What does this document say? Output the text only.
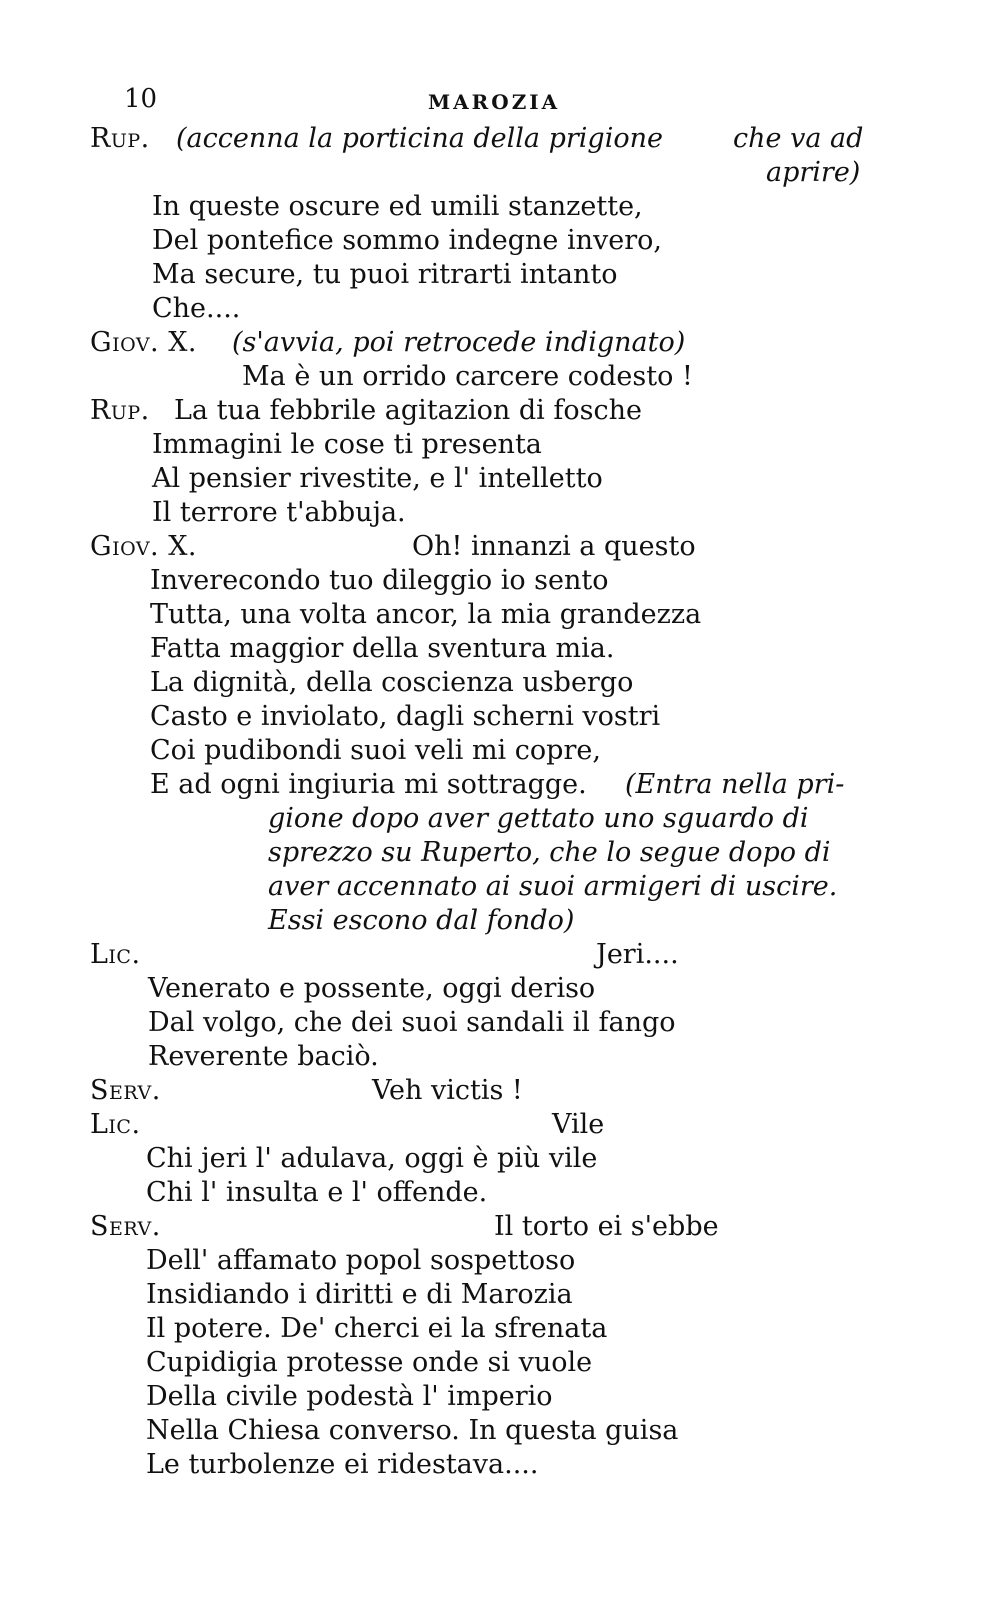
10	MAROZIA
Rup. (accenna la porticina della prigione	che va ad
aprire)
In queste oscure ed umili stanzette,
Del pontefice sommo indegne invero,
Ma secure, tu puoi ritrarti intanto
Che....
Giov. X. (s'avvia, poi retrocede indignato)
Ma è un orrido carcere codesto !
Rup. La tua febbrile agitazion di fosche
Immagini le cose ti presenta
Al pensier rivestite, e l' intelletto
Il terrore t'abbuja.
Giov. X.	Oh! innanzi a questo
Inverecondo tuo dileggio io sento
Tutta, una volta ancor, la mia grandezza
Fatta maggior della sventura mia.
La dignità, della coscienza usbergo
Casto e inviolato, dagli scherni vostri
Coi pudibondi suoi veli mi copre,
E ad ogni ingiuria mi sottragge. (Entra nella pri-
gione dopo aver gettato uno sguardo di
sprezzo su Ruperto, che lo segue dopo di
aver accennato ai suoi armigeri di uscire.
Essi escono dal fondo)
Lic.	Jeri....
Venerato e possente, oggi deriso
Dal volgo, che dei suoi sandali il fango
Reverente baciò.
Serv.	Veh victis !
Lic.	Vile
Chi jeri l' adulava, oggi è più vile
Chi l' insulta e l' offende.
Serv.	Il torto ei s'ebbe
Dell' affamato popol sospettoso
Insidiando i diritti e di Marozia
Il potere. De' cherci ei la sfrenata
Cupidigia protesse onde si vuole
Della civile podestà l' imperio
Nella Chiesa converso. In questa guisa
Le turbolenze ei ridestava....
